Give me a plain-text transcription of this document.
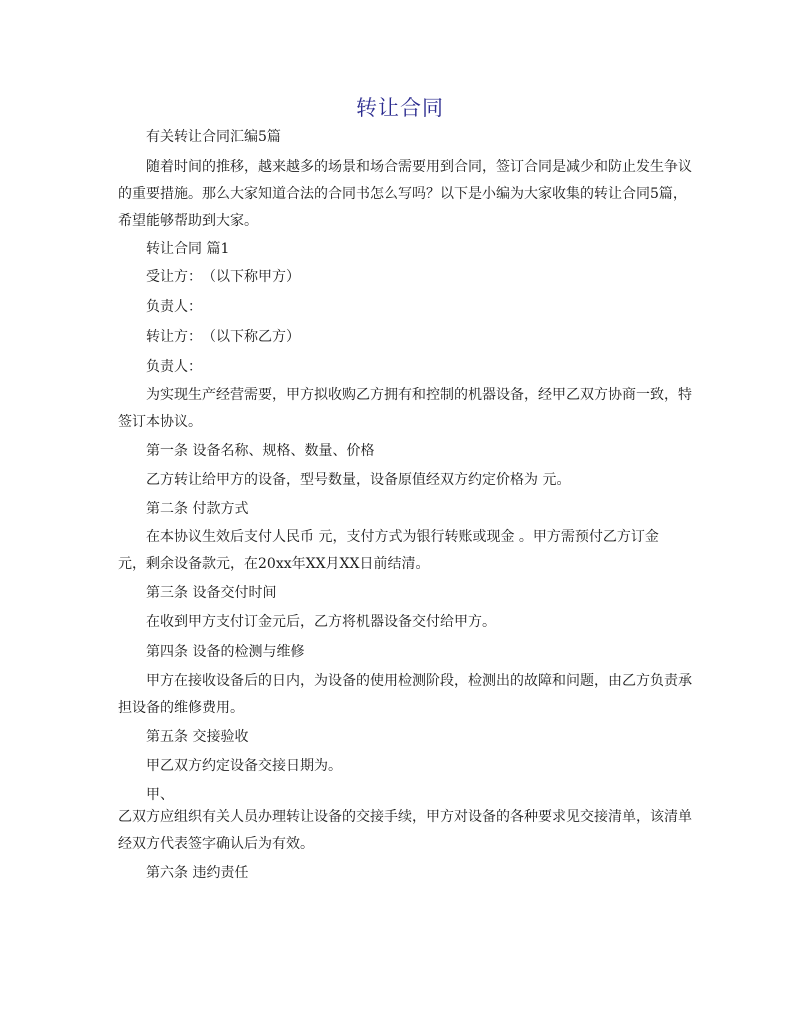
转让合同
有关转让合同汇编5篇
随着时间的推移，越来越多的场景和场合需要用到合同，签订合同是减少和防止发生争议
的重要措施。那么大家知道合法的合同书怎么写吗？以下是小编为大家收集的转让合同5篇，
希望能够帮助到大家。
转让合同 篇1
受让方：　（以下称甲方）
负责人：
转让方：　（以下称乙方）
负责人：
为实现生产经营需要，甲方拟收购乙方拥有和控制的机器设备，经甲乙双方协商一致，特
签订本协议。
第一条 设备名称、规格、数量、价格
乙方转让给甲方的设备，型号数量，设备原值经双方约定价格为 元。
第二条 付款方式
在本协议生效后支付人民币 元，支付方式为银行转账或现金 。甲方需预付乙方订金
元，剩余设备款元，在20xx年XX月XX日前结清。
第三条 设备交付时间
在收到甲方支付订金元后，乙方将机器设备交付给甲方。
第四条 设备的检测与维修
甲方在接收设备后的日内，为设备的使用检测阶段，检测出的故障和问题，由乙方负责承
担设备的维修费用。
第五条 交接验收
甲乙双方约定设备交接日期为。
甲、
乙双方应组织有关人员办理转让设备的交接手续，甲方对设备的各种要求见交接清单，该清单
经双方代表签字确认后为有效。
第六条 违约责任
